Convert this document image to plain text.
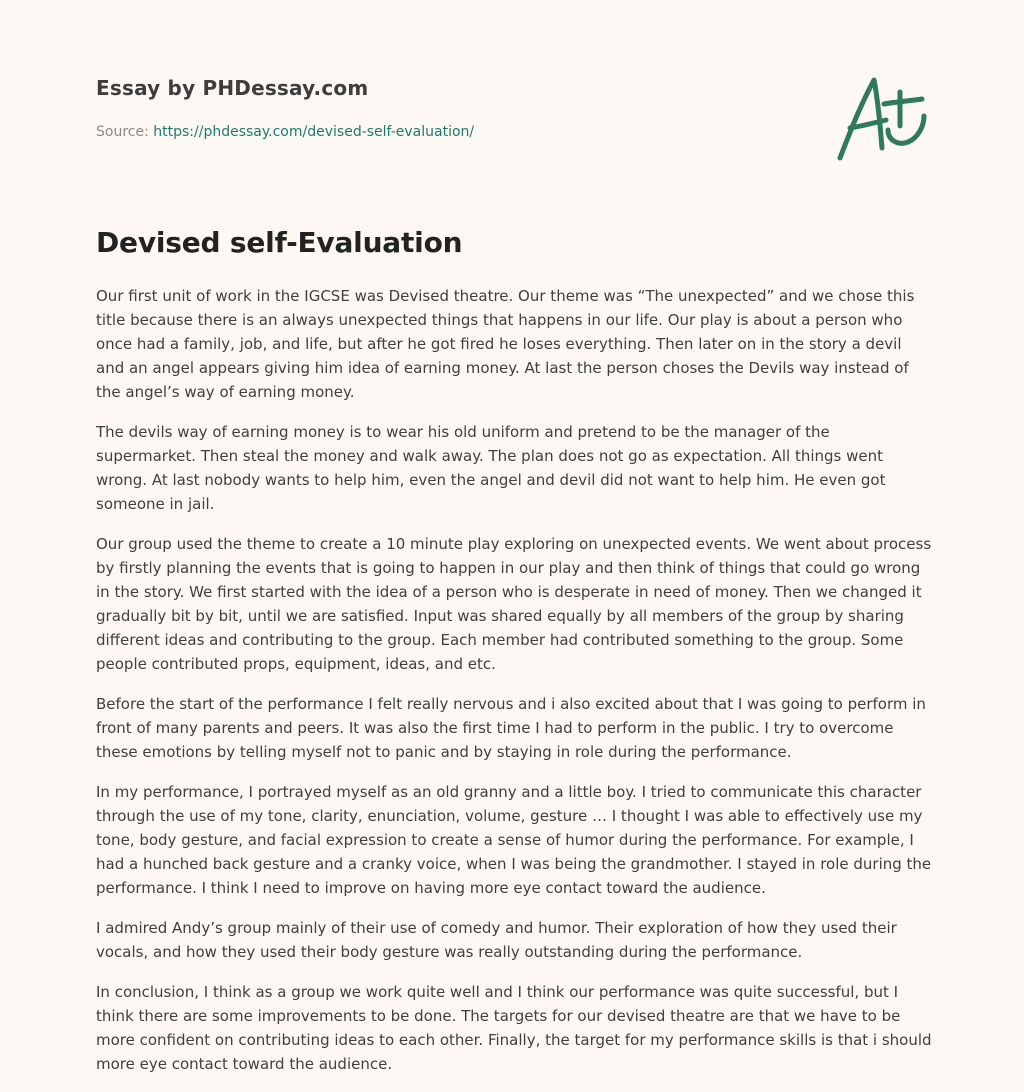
Essay by PHDessay.com
Source: https://phdessay.com/devised-self-evaluation/
Devised self-Evaluation

Our first unit of work in the IGCSE was Devised theatre. Our theme was “The unexpected” and we chose this title because there is an always unexpected things that happens in our life. Our play is about a person who once had a family, job, and life, but after he got fired he loses everything. Then later on in the story a devil and an angel appears giving him idea of earning money. At last the person choses the Devils way instead of the angel’s way of earning money.

The devils way of earning money is to wear his old uniform and pretend to be the manager of the supermarket. Then steal the money and walk away. The plan does not go as expectation. All things went wrong. At last nobody wants to help him, even the angel and devil did not want to help him. He even got someone in jail.

Our group used the theme to create a 10 minute play exploring on unexpected events. We went about process by firstly planning the events that is going to happen in our play and then think of things that could go wrong in the story. We first started with the idea of a person who is desperate in need of money. Then we changed it gradually bit by bit, until we are satisfied. Input was shared equally by all members of the group by sharing different ideas and contributing to the group. Each member had contributed something to the group. Some people contributed props, equipment, ideas, and etc.

Before the start of the performance I felt really nervous and i also excited about that I was going to perform in front of many parents and peers. It was also the first time I had to perform in the public. I try to overcome these emotions by telling myself not to panic and by staying in role during the performance.

In my performance, I portrayed myself as an old granny and a little boy. I tried to communicate this character through the use of my tone, clarity, enunciation, volume, gesture … I thought I was able to effectively use my tone, body gesture, and facial expression to create a sense of humor during the performance. For example, I had a hunched back gesture and a cranky voice, when I was being the grandmother. I stayed in role during the performance. I think I need to improve on having more eye contact toward the audience.

I admired Andy’s group mainly of their use of comedy and humor. Their exploration of how they used their vocals, and how they used their body gesture was really outstanding during the performance.

In conclusion, I think as a group we work quite well and I think our performance was quite successful, but I think there are some improvements to be done. The targets for our devised theatre are that we have to be more confident on contributing ideas to each other. Finally, the target for my performance skills is that i should more eye contact toward the audience.
